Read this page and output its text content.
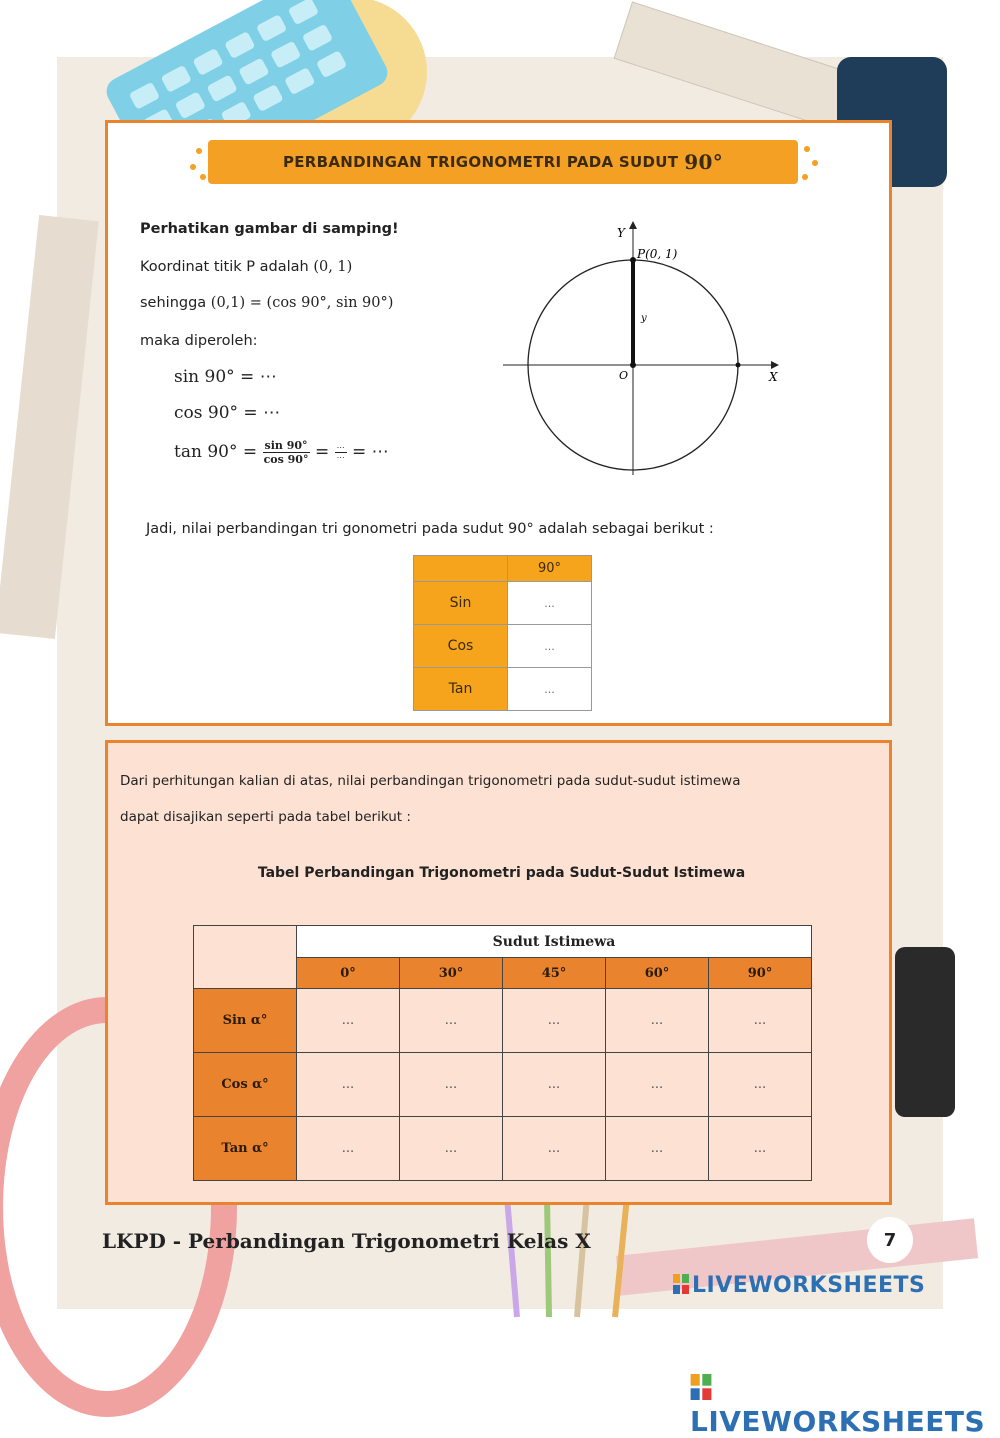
PERBANDINGAN TRIGONOMETRI PADA SUDUT 90°
Perhatikan gambar di samping!
Koordinat titik P adalah (0, 1)
sehingga (0,1) = (cos 90°, sin 90°)
maka diperoleh:
sin 90° = ⋯
cos 90° = ⋯
$\tan 90^\circ = \frac{\sin 90^\circ}{\cos 90^\circ} = \frac{\cdots}{\cdots}$ = ⋯
Y
X
O
P(0, 1)
y
Jadi, nilai perbandingan tri gonometri pada sudut 90° adalah sebagai berikut :
	90°
Sin	...
Cos	...
Tan	...
Dari perhitungan kalian di atas, nilai perbandingan trigonometri pada sudut-sudut istimewa
dapat disajikan seperti pada tabel berikut :
Tabel Perbandingan Trigonometri pada Sudut-Sudut Istimewa
	Sudut Istimewa				
	0°	30°	45°	60°	90°
Sin α°	...	...	...	...	...
Cos α°	...	...	...	...	...
Tan α°	...	...	...	...	...
LKPD - Perbandingan Trigonometri Kelas X	7
LIVEWORKSHEETS
LIVEWORKSHEETS
